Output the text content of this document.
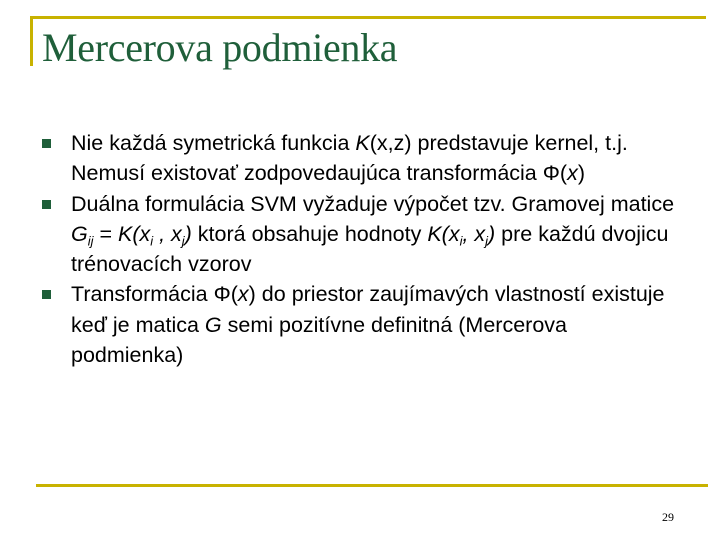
Mercerova podmienka
Nie každá symetrická funkcia K(x,z) predstavuje kernel, t.j. Nemusí existovať zodpovedaujúca transformácia Φ(x)
Duálna formulácia SVM vyžaduje výpočet tzv. Gramovej matice $G_{ij} = K(x_i$ , $x_j$) ktorá obsahuje hodnoty $K(x_i$, $x_j$) pre každú dvojicu trénovacích vzorov
Transformácia Φ(x) do priestor zaujímavých vlastností existuje keď je matica G semi pozitívne definitná (Mercerova podmienka)
29
